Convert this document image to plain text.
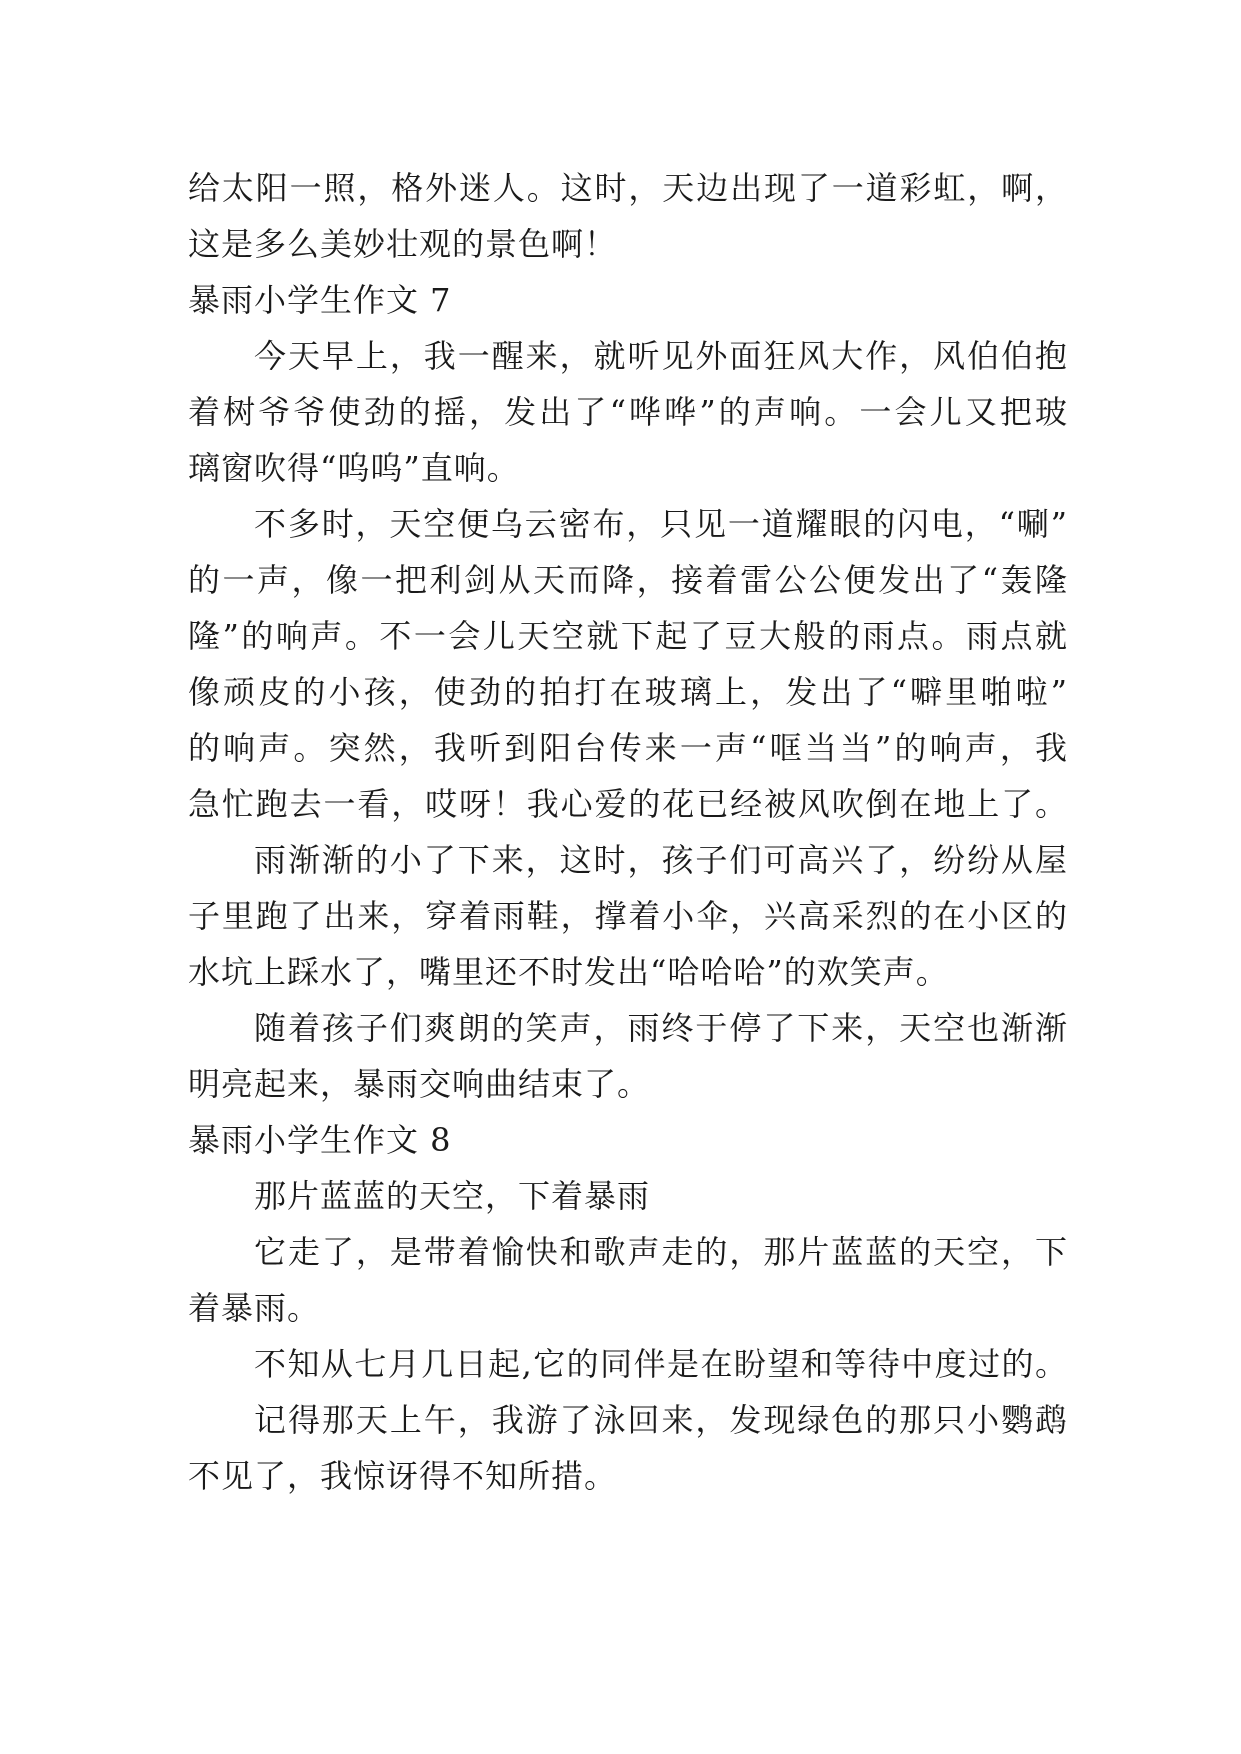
给太阳一照，格外迷人。这时，天边出现了一道彩虹，啊，
这是多么美妙壮观的景色啊！
暴雨小学生作文 7
今天早上，我一醒来，就听见外面狂风大作，风伯伯抱
着树爷爷使劲的摇，发出了“哗哗”的声响。一会儿又把玻
璃窗吹得“呜呜”直响。
不多时，天空便乌云密布，只见一道耀眼的闪电，“唰”
的一声，像一把利剑从天而降，接着雷公公便发出了“轰隆
隆”的响声。不一会儿天空就下起了豆大般的雨点。雨点就
像顽皮的小孩，使劲的拍打在玻璃上，发出了“噼里啪啦”
的响声。突然，我听到阳台传来一声“哐当当”的响声，我
急忙跑去一看，哎呀！我心爱的花已经被风吹倒在地上了。
雨渐渐的小了下来，这时，孩子们可高兴了，纷纷从屋
子里跑了出来，穿着雨鞋，撑着小伞，兴高采烈的在小区的
水坑上踩水了，嘴里还不时发出“哈哈哈”的欢笑声。
随着孩子们爽朗的笑声，雨终于停了下来，天空也渐渐
明亮起来，暴雨交响曲结束了。
暴雨小学生作文 8
那片蓝蓝的天空，下着暴雨
它走了，是带着愉快和歌声走的，那片蓝蓝的天空，下
着暴雨。
不知从七月几日起,它的同伴是在盼望和等待中度过的。
记得那天上午，我游了泳回来，发现绿色的那只小鹦鹉
不见了，我惊讶得不知所措。
